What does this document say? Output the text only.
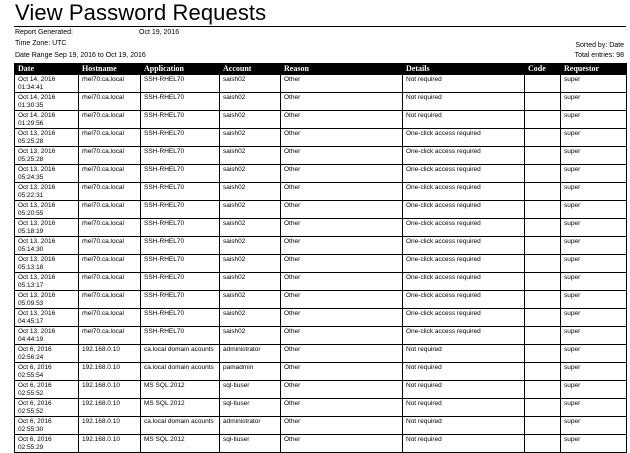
View Password Requests
Report Generated:	Oct 19, 2016
Time Zone: UTC
Date Range Sep 19, 2016 to Oct 19, 2016
Sorted by: Date
Total entries: 98
Date	Hostname	Application	Account	Reason	Details	Code	Requestor
Oct 14, 2016 01:34:41	rhel70.ca.local	SSH-RHEL70	saish02	Other	Not required		super
Oct 14, 2016 01:30:35	rhel70.ca.local	SSH-RHEL70	saish02	Other	Not required		super
Oct 14, 2016 01:29:56	rhel70.ca.local	SSH-RHEL70	saish02	Other	Not required		super
Oct 13, 2016 05:25:28	rhel70.ca.local	SSH-RHEL70	saish02	Other	One-click access required		super
Oct 13, 2016 05:25:28	rhel70.ca.local	SSH-RHEL70	saish02	Other	One-click access required		super
Oct 13, 2016 05:24:35	rhel70.ca.local	SSH-RHEL70	saish02	Other	One-click access required		super
Oct 13, 2016 05:22:31	rhel70.ca.local	SSH-RHEL70	saish02	Other	One-click access required		super
Oct 13, 2016 05:20:55	rhel70.ca.local	SSH-RHEL70	saish02	Other	One-click access required		super
Oct 13, 2016 05:18:19	rhel70.ca.local	SSH-RHEL70	saish02	Other	One-click access required		super
Oct 13, 2016 05:14:30	rhel70.ca.local	SSH-RHEL70	saish02	Other	One-click access required		super
Oct 13, 2016 05:13:18	rhel70.ca.local	SSH-RHEL70	saish02	Other	One-click access required		super
Oct 13, 2016 05:13:17	rhel70.ca.local	SSH-RHEL70	saish02	Other	One-click access required		super
Oct 13, 2016 05:09:53	rhel70.ca.local	SSH-RHEL70	saish02	Other	One-click access required		super
Oct 13, 2016 04:45:17	rhel70.ca.local	SSH-RHEL70	saish02	Other	One-click access required		super
Oct 13, 2016 04:44:19	rhel70.ca.local	SSH-RHEL70	saish02	Other	One-click access required		super
Oct 6, 2016 02:56:24	192.168.0.10	ca.local domain acounts	administrator	Other	Not required		super
Oct 6, 2016 02:55:54	192.168.0.10	ca.local domain acounts	pamadmin	Other	Not required		super
Oct 6, 2016 02:55:52	192.168.0.10	MS SQL 2012	sql-tiuser	Other	Not required		super
Oct 6, 2016 02:55:52	192.168.0.10	MS SQL 2012	sql-tiuser	Other	Not required		super
Oct 6, 2016 02:55:30	192.168.0.10	ca.local domain acounts	administrator	Other	Not required		super
Oct 6, 2016 02:55:29	192.168.0.10	MS SQL 2012	sql-tiuser	Other	Not required		super
